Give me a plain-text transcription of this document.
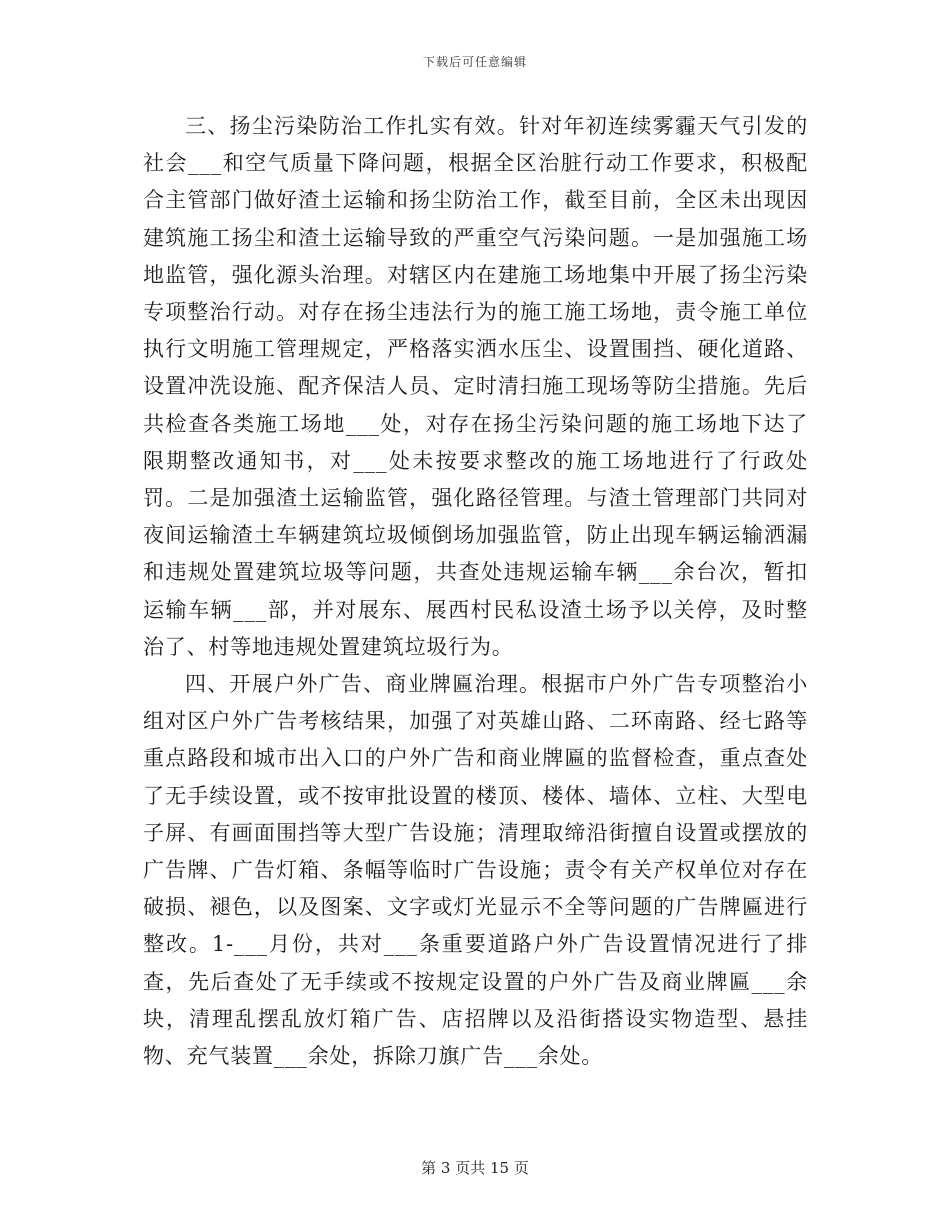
下载后可任意编辑

三、扬尘污染防治工作扎实有效。针对年初连续雾霾天气引发的社会___和空气质量下降问题，根据全区治脏行动工作要求，积极配合主管部门做好渣土运输和扬尘防治工作，截至目前，全区未出现因建筑施工扬尘和渣土运输导致的严重空气污染问题。一是加强施工场地监管，强化源头治理。对辖区内在建施工场地集中开展了扬尘污染专项整治行动。对存在扬尘违法行为的施工施工场地，责令施工单位执行文明施工管理规定，严格落实洒水压尘、设置围挡、硬化道路、设置冲洗设施、配齐保洁人员、定时清扫施工现场等防尘措施。先后共检查各类施工场地___处，对存在扬尘污染问题的施工场地下达了限期整改通知书，对___处未按要求整改的施工场地进行了行政处罚。二是加强渣土运输监管，强化路径管理。与渣土管理部门共同对夜间运输渣土车辆建筑垃圾倾倒场加强监管，防止出现车辆运输洒漏和违规处置建筑垃圾等问题，共查处违规运输车辆___余台次，暂扣运输车辆___部，并对展东、展西村民私设渣土场予以关停，及时整治了、村等地违规处置建筑垃圾行为。

四、开展户外广告、商业牌匾治理。根据市户外广告专项整治小组对区户外广告考核结果，加强了对英雄山路、二环南路、经七路等重点路段和城市出入口的户外广告和商业牌匾的监督检查，重点查处了无手续设置，或不按审批设置的楼顶、楼体、墙体、立柱、大型电子屏、有画面围挡等大型广告设施；清理取缔沿街擅自设置或摆放的广告牌、广告灯箱、条幅等临时广告设施；责令有关产权单位对存在破损、褪色，以及图案、文字或灯光显示不全等问题的广告牌匾进行整改。1-___月份，共对___条重要道路户外广告设置情况进行了排查，先后查处了无手续或不按规定设置的户外广告及商业牌匾___余块，清理乱摆乱放灯箱广告、店招牌以及沿街搭设实物造型、悬挂物、充气装置___余处，拆除刀旗广告___余处。

第 3 页共 15 页
